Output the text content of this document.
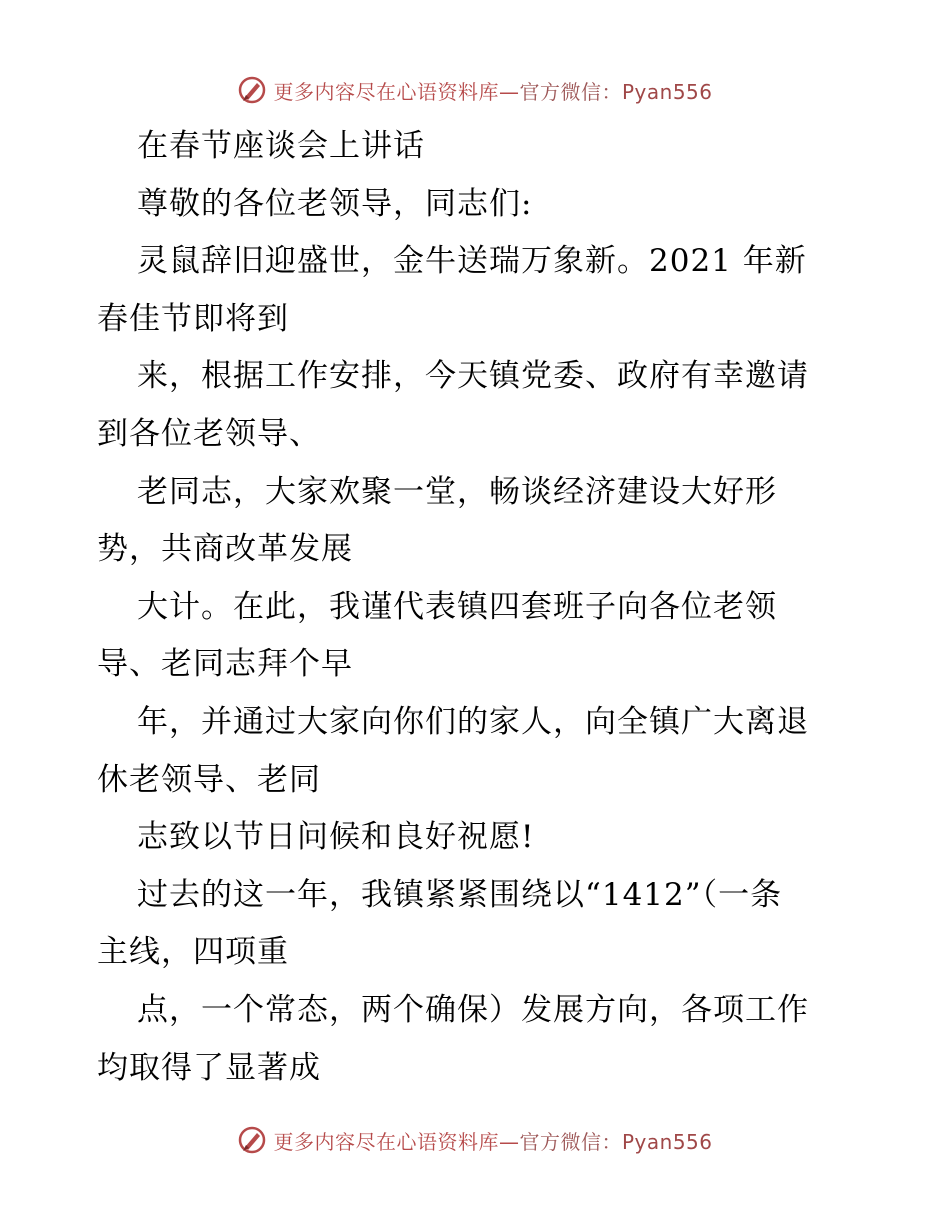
更多内容尽在心语资料库—官方微信：Pyan556
在春节座谈会上讲话
尊敬的各位老领导，同志们:
灵鼠辞旧迎盛世，金牛送瑞万象新。2021 年新
春佳节即将到
来，根据工作安排，今天镇党委、政府有幸邀请
到各位老领导、
老同志，大家欢聚一堂，畅谈经济建设大好形
势，共商改革发展
大计。在此，我谨代表镇四套班子向各位老领
导、老同志拜个早
年，并通过大家向你们的家人，向全镇广大离退
休老领导、老同
志致以节日问候和良好祝愿!
过去的这一年，我镇紧紧围绕以“1412”（一条
主线，四项重
点，一个常态，两个确保）发展方向，各项工作
均取得了显著成
更多内容尽在心语资料库—官方微信：Pyan556
